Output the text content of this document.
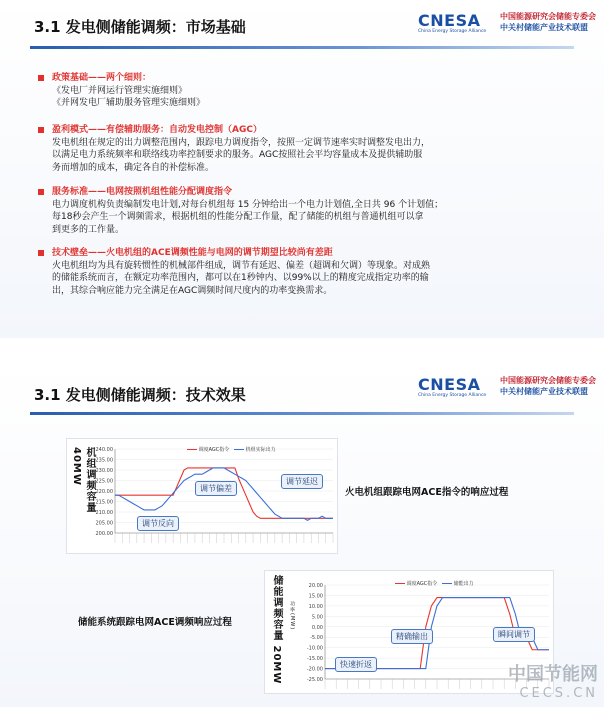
3.1 发电侧储能调频：市场基础	CNESA
China Energy Storage Alliance
中国能源研究会储能专委会
中关村储能产业技术联盟
政策基础——两个细则：
《发电厂并网运行管理实施细则》
《并网发电厂辅助服务管理实施细则》
盈利模式——有偿辅助服务：自动发电控制（AGC）
发电机组在规定的出力调整范围内，跟踪电力调度指令，按照一定调节速率实时调整发电出力，
以满足电力系统频率和联络线功率控制要求的服务。AGC按照社会平均容量成本及提供辅助服
务而增加的成本，确定各自的补偿标准。
服务标准——电网按照机组性能分配调度指令
电力调度机构负责编制发电计划,对每台机组每 15 分钟给出一个电力计划值,全日共 96 个计划值；
每18秒会产生一个调频需求，根据机组的性能分配工作量，配了储能的机组与普通机组可以拿
到更多的工作量。
技术壁垒——火电机组的ACE调频性能与电网的调节期望比较尚有差距
火电机组均为具有旋转惯性的机械部件组成，调节有延迟、偏差（超调和欠调）等现象。对成熟
的储能系统而言，在额定功率范围内，都可以在1秒钟内、以99%以上的精度完成指定功率的输
出，其综合响应能力完全满足在AGC调频时间尺度内的功率变换需求。
3.1 发电侧储能调频：技术效果
CNESA
China Energy Storage Alliance
中国能源研究会储能专委会
中关村储能产业技术联盟
机组调频容量 40MW	240.00
235.00
230.00
225.00
220.00
215.00
210.00
205.00
200.00
调度AGC指令	机组实际出力
调节偏差
调节延迟
调节反向
火电机组跟踪电网ACE指令的响应过程
储能调频容量 20MW	功率(MW)
20.00
15.00
10.00
5.00
0.00
-5.00
-10.00
-15.00
-20.00
-25.00
调度AGC指令	储能出力
精确输出	瞬间调节
快速折返
储能系统跟踪电网ACE调频响应过程
中国节能网
CECS.CN
